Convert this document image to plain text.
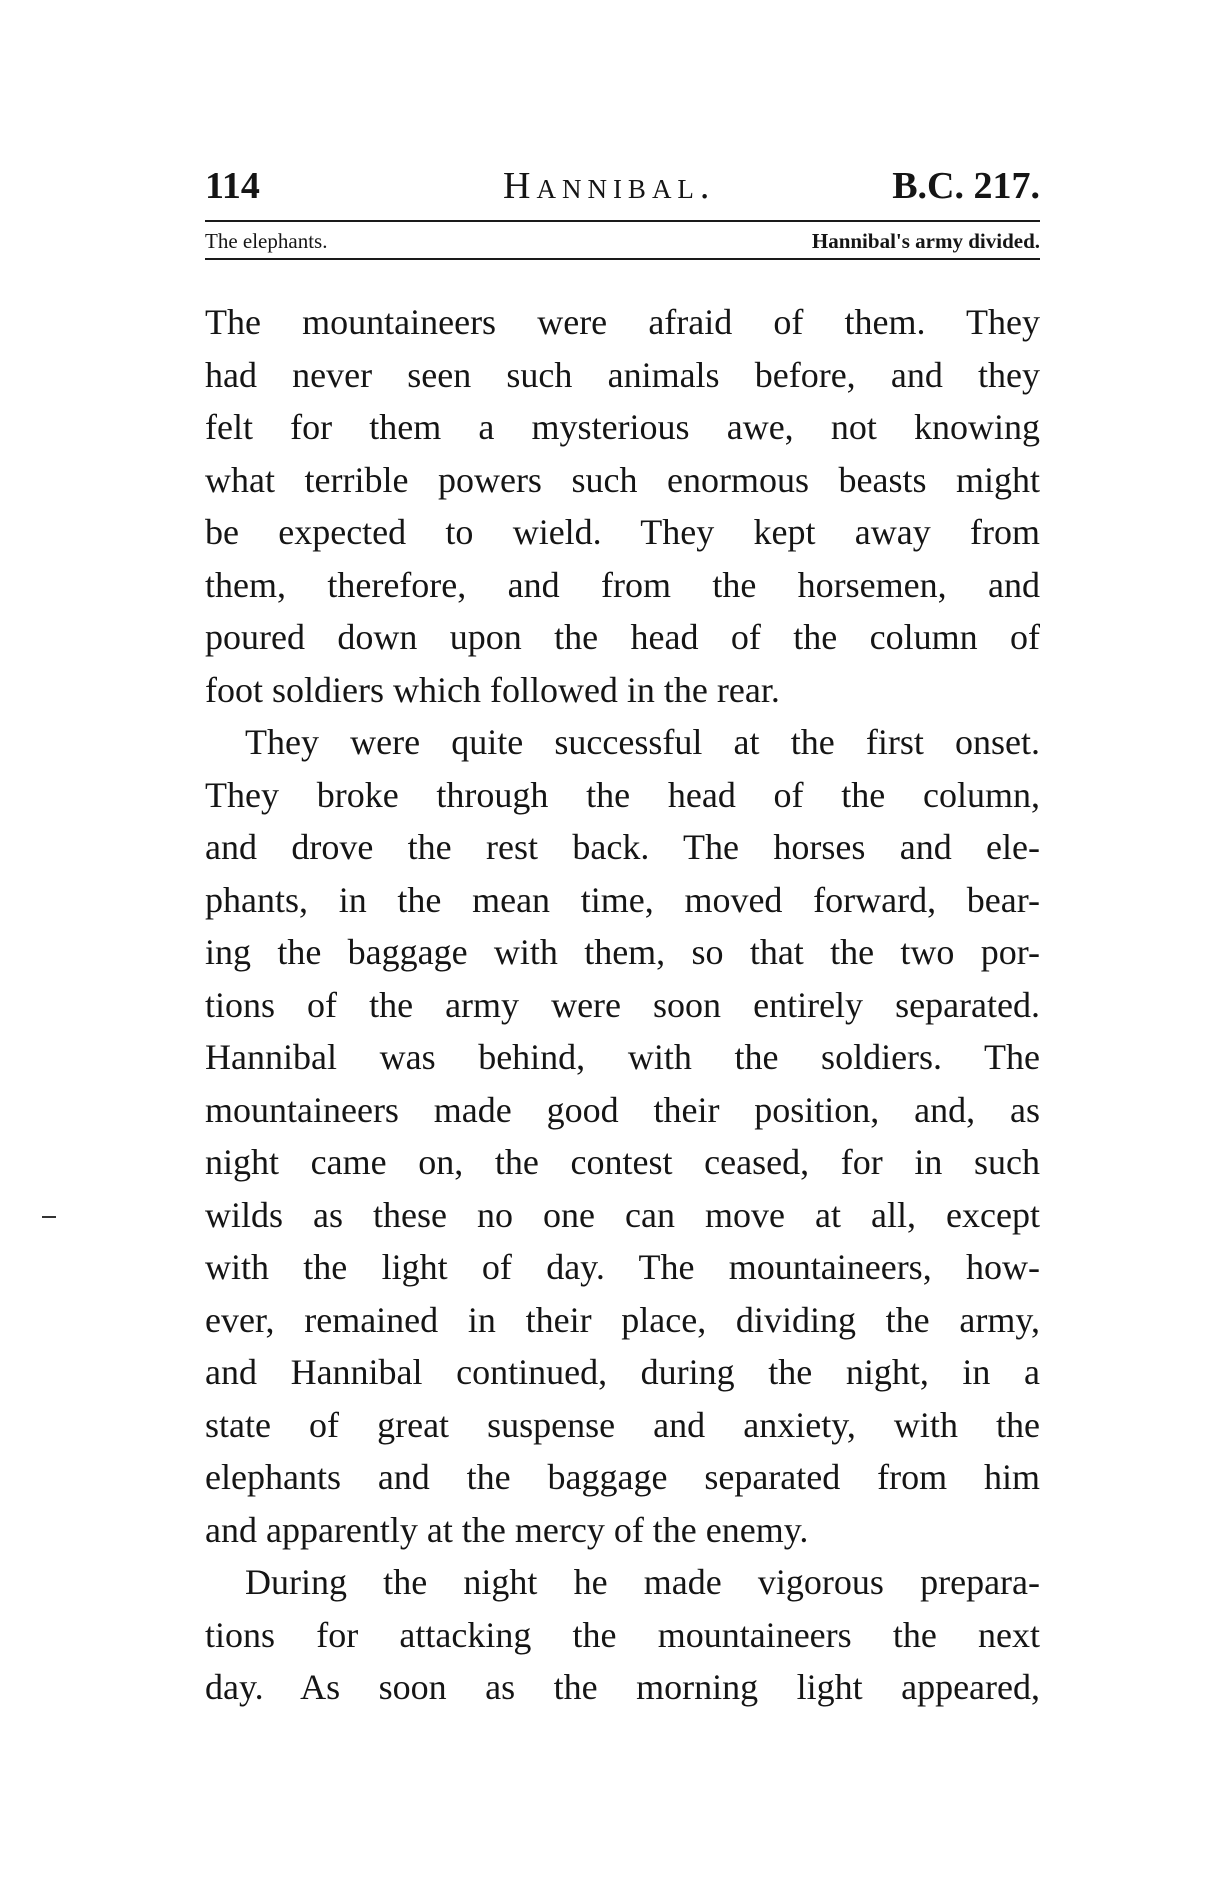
114	Hannibal.	B.C. 217.
The elephants.	Hannibal's army divided.
The mountaineers were afraid of them. They
had never seen such animals before, and they
felt for them a mysterious awe, not knowing
what terrible powers such enormous beasts might
be expected to wield. They kept away from
them, therefore, and from the horsemen, and
poured down upon the head of the column of
foot soldiers which followed in the rear.
They were quite successful at the first onset.
They broke through the head of the column,
and drove the rest back. The horses and ele-
phants, in the mean time, moved forward, bear-
ing the baggage with them, so that the two por-
tions of the army were soon entirely separated.
Hannibal was behind, with the soldiers. The
mountaineers made good their position, and, as
night came on, the contest ceased, for in such
wilds as these no one can move at all, except
with the light of day. The mountaineers, how-
ever, remained in their place, dividing the army,
and Hannibal continued, during the night, in a
state of great suspense and anxiety, with the
elephants and the baggage separated from him
and apparently at the mercy of the enemy.
During the night he made vigorous prepara-
tions for attacking the mountaineers the next
day. As soon as the morning light appeared,
